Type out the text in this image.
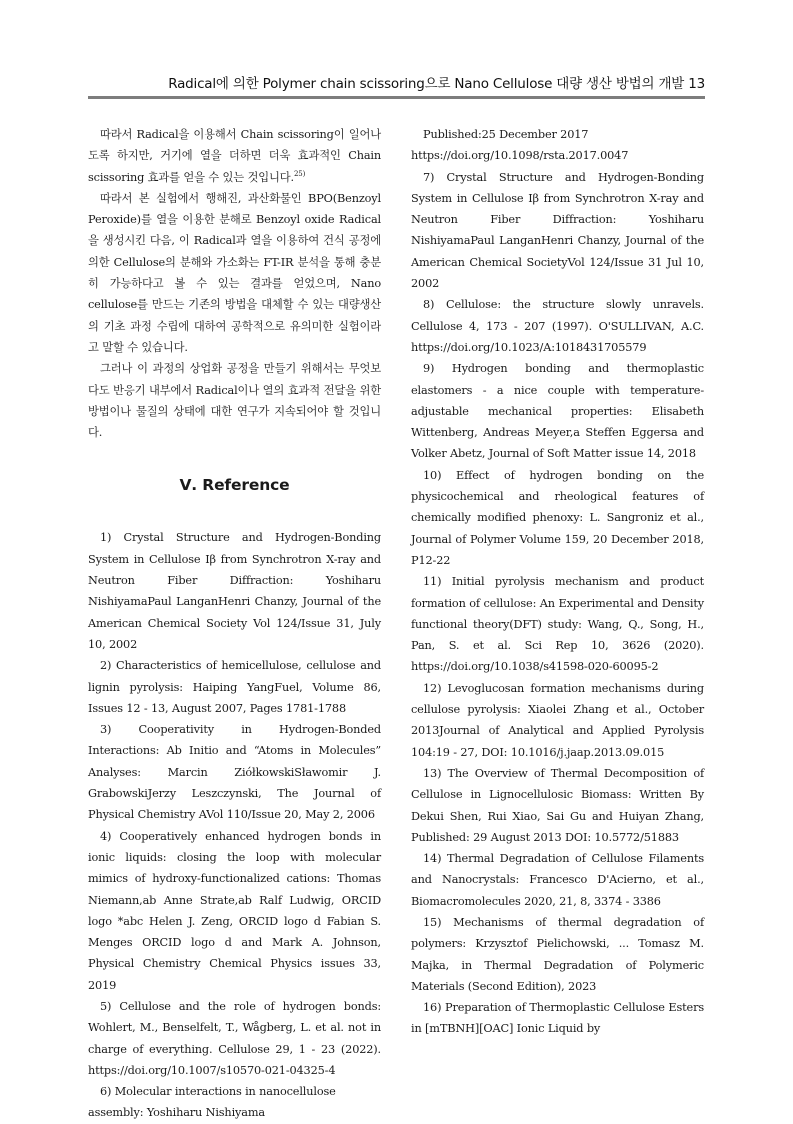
Radical에 의한 Polymer chain scissoring으로 Nano Cellulose 대량 생산 방법의 개발 13

따라서 Radical을 이용해서 Chain scissoring이 일어나도록 하지만, 거기에 열을 더하면 더욱 효과적인 Chain scissoring 효과를 얻을 수 있는 것입니다.$^{25)}$

따라서 본 실험에서 행해진, 과산화물인 BPO(Benzoyl Peroxide)를 열을 이용한 분해로 Benzoyl oxide Radical을 생성시킨 다음, 이 Radical과 열을 이용하여 건식 공정에 의한 Cellulose의 분해와 가소화는 FT-IR 분석을 통해 충분히 가능하다고 볼 수 있는 결과를 얻었으며, Nano cellulose를 만드는 기존의 방법을 대체할 수 있는 대량생산의 기초 과정 수립에 대하여 공학적으로 유의미한 실험이라고 말할 수 있습니다.

그러나 이 과정의 상업화 공정을 만들기 위해서는 무엇보다도 반응기 내부에서 Radical이나 열의 효과적 전달을 위한 방법이나 물질의 상태에 대한 연구가 지속되어야 할 것입니다.

Ⅴ. Reference

1) Crystal Structure and Hydrogen-Bonding System in Cellulose Iβ from Synchrotron X-ray and Neutron Fiber Diffraction: Yoshiharu NishiyamaPaul LanganHenri Chanzy, Journal of the American Chemical Society Vol 124/Issue 31, July 10, 2002

2) Characteristics of hemicellulose, cellulose and lignin pyrolysis: Haiping YangFuel, Volume 86, Issues 12 - 13, August 2007, Pages 1781-1788

3) Cooperativity in Hydrogen-Bonded Interactions: Ab Initio and “Atoms in Molecules” Analyses: Marcin ZiółkowskiSławomir J. GrabowskiJerzy Leszczynski, The Journal of Physical Chemistry AVol 110/Issue 20, May 2, 2006

4) Cooperatively enhanced hydrogen bonds in ionic liquids: closing the loop with molecular mimics of hydroxy-functionalized cations: Thomas Niemann,ab Anne Strate,ab Ralf Ludwig, ORCID logo *abc Helen J. Zeng, ORCID logo d Fabian S. Menges ORCID logo d and Mark A. Johnson, Physical Chemistry Chemical Physics issues 33, 2019

5) Cellulose and the role of hydrogen bonds: Wohlert, M., Benselfelt, T., Wågberg, L. et al. not in charge of everything. Cellulose 29, 1 - 23 (2022). https://doi.org/10.1007/s10570-021-04325-4

6) Molecular interactions in nanocellulose assembly: Yoshiharu Nishiyama

Published:25 December 2017

https://doi.org/10.1098/rsta.2017.0047

7) Crystal Structure and Hydrogen-Bonding System in Cellulose Iβ from Synchrotron X-ray and Neutron Fiber Diffraction: Yoshiharu NishiyamaPaul LanganHenri Chanzy, Journal of the American Chemical SocietyVol 124/Issue 31 Jul 10, 2002

8) Cellulose: the structure slowly unravels. Cellulose 4, 173 - 207 (1997). O'SULLIVAN, A.C. https://doi.org/10.1023/A:1018431705579

9) Hydrogen bonding and thermoplastic elastomers - a nice couple with temperature-adjustable mechanical properties: Elisabeth Wittenberg, Andreas Meyer,a Steffen Eggersa and Volker Abetz, Journal of Soft Matter issue 14, 2018

10) Effect of hydrogen bonding on the physicochemical and rheological features of chemically modified phenoxy: L. Sangroniz et al., Journal of Polymer Volume 159, 20 December 2018, P12-22

11) Initial pyrolysis mechanism and product formation of cellulose: An Experimental and Density functional theory(DFT) study: Wang, Q., Song, H., Pan, S. et al. Sci Rep 10, 3626 (2020). https://doi.org/10.1038/s41598-020-60095-2

12) Levoglucosan formation mechanisms during cellulose pyrolysis: Xiaolei Zhang et al., October 2013Journal of Analytical and Applied Pyrolysis 104:19 - 27, DOI: 10.1016/j.jaap.2013.09.015

13) The Overview of Thermal Decomposition of Cellulose in Lignocellulosic Biomass: Written By Dekui Shen, Rui Xiao, Sai Gu and Huiyan Zhang, Published: 29 August 2013 DOI: 10.5772/51883

14) Thermal Degradation of Cellulose Filaments and Nanocrystals: Francesco D'Acierno, et al., Biomacromolecules 2020, 21, 8, 3374 - 3386

15) Mechanisms of thermal degradation of polymers: Krzysztof Pielichowski, ... Tomasz M. Majka, in Thermal Degradation of Polymeric Materials (Second Edition), 2023

16) Preparation of Thermoplastic Cellulose Esters in [mTBNH][OAC] Ionic Liquid by
